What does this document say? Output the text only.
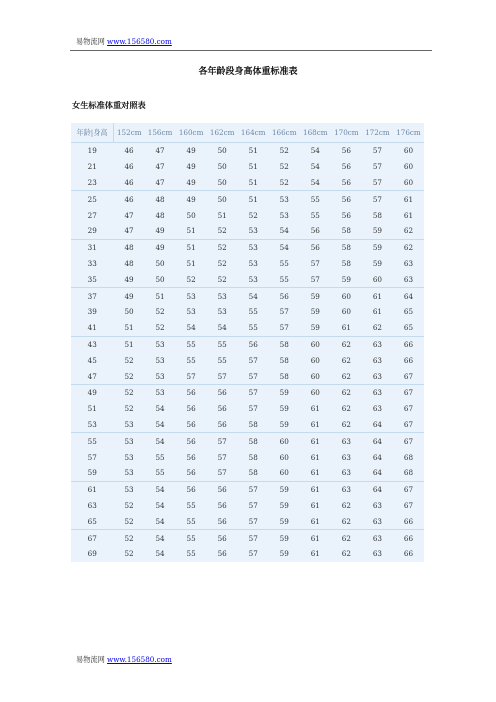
易物流网 www.156580.com
各年龄段身高体重标准表
女生标准体重对照表
年龄|身高	152cm	156cm	160cm	162cm	164cm	166cm	168cm	170cm	172cm	176cm
19	46	47	49	50	51	52	54	56	57	60
21	46	47	49	50	51	52	54	56	57	60
23	46	47	49	50	51	52	54	56	57	60
25	46	48	49	50	51	53	55	56	57	61
27	47	48	50	51	52	53	55	56	58	61
29	47	49	51	52	53	54	56	58	59	62
31	48	49	51	52	53	54	56	58	59	62
33	48	50	51	52	53	55	57	58	59	63
35	49	50	52	52	53	55	57	59	60	63
37	49	51	53	53	54	56	59	60	61	64
39	50	52	53	53	55	57	59	60	61	65
41	51	52	54	54	55	57	59	61	62	65
43	51	53	55	55	56	58	60	62	63	66
45	52	53	55	55	57	58	60	62	63	66
47	52	53	57	57	57	58	60	62	63	67
49	52	53	56	56	57	59	60	62	63	67
51	52	54	56	56	57	59	61	62	63	67
53	53	54	56	56	58	59	61	62	64	67
55	53	54	56	57	58	60	61	63	64	67
57	53	55	56	57	58	60	61	63	64	68
59	53	55	56	57	58	60	61	63	64	68
61	53	54	56	56	57	59	61	63	64	67
63	52	54	55	56	57	59	61	62	63	67
65	52	54	55	56	57	59	61	62	63	66
67	52	54	55	56	57	59	61	62	63	66
69	52	54	55	56	57	59	61	62	63	66
易物流网 www.156580.com
